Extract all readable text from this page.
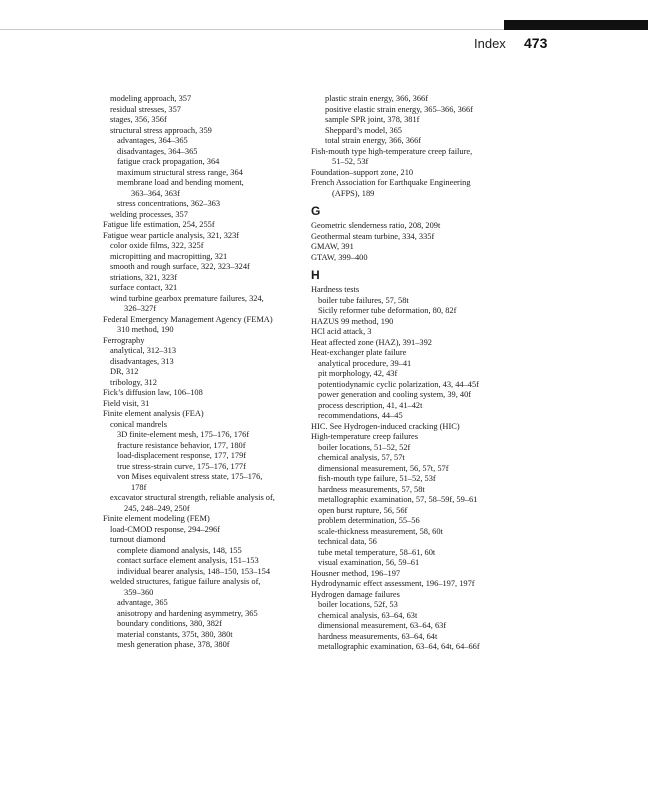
Index 473
modeling approach, 357
residual stresses, 357
stages, 356, 356f
structural stress approach, 359
advantages, 364–365
disadvantages, 364–365
fatigue crack propagation, 364
maximum structural stress range, 364
membrane load and bending moment,
363–364, 363f
stress concentrations, 362–363
welding processes, 357
Fatigue life estimation, 254, 255f
Fatigue wear particle analysis, 321, 323f
color oxide films, 322, 325f
micropitting and macropitting, 321
smooth and rough surface, 322, 323–324f
striations, 321, 323f
surface contact, 321
wind turbine gearbox premature failures, 324,
326–327f
Federal Emergency Management Agency (FEMA)
310 method, 190
Ferrography
analytical, 312–313
disadvantages, 313
DR, 312
tribology, 312
Fick’s diffusion law, 106–108
Field visit, 31
Finite element analysis (FEA)
conical mandrels
3D finite-element mesh, 175–176, 176f
fracture resistance behavior, 177, 180f
load-displacement response, 177, 179f
true stress-strain curve, 175–176, 177f
von Mises equivalent stress state, 175–176,
178f
excavator structural strength, reliable analysis of,
245, 248–249, 250f
Finite element modeling (FEM)
load-CMOD response, 294–296f
turnout diamond
complete diamond analysis, 148, 155
contact surface element analysis, 151–153
individual bearer analysis, 148–150, 153–154
welded structures, fatigue failure analysis of,
359–360
advantage, 365
anisotropy and hardening asymmetry, 365
boundary conditions, 380, 382f
material constants, 375t, 380, 380t
mesh generation phase, 378, 380f
plastic strain energy, 366, 366f
positive elastic strain energy, 365–366, 366f
sample SPR joint, 378, 381f
Sheppard’s model, 365
total strain energy, 366, 366f
Fish-mouth type high-temperature creep failure,
51–52, 53f
Foundation–support zone, 210
French Association for Earthquake Engineering
(AFPS), 189
G
Geometric slenderness ratio, 208, 209t
Geothermal steam turbine, 334, 335f
GMAW, 391
GTAW, 399–400
H
Hardness tests
boiler tube failures, 57, 58t
Sicily reformer tube deformation, 80, 82f
HAZUS 99 method, 190
HCl acid attack, 3
Heat affected zone (HAZ), 391–392
Heat-exchanger plate failure
analytical procedure, 39–41
pit morphology, 42, 43f
potentiodynamic cyclic polarization, 43, 44–45f
power generation and cooling system, 39, 40f
process description, 41, 41–42t
recommendations, 44–45
HIC. See Hydrogen-induced cracking (HIC)
High-temperature creep failures
boiler locations, 51–52, 52f
chemical analysis, 57, 57t
dimensional measurement, 56, 57t, 57f
fish-mouth type failure, 51–52, 53f
hardness measurements, 57, 58t
metallographic examination, 57, 58–59f, 59–61
open burst rupture, 56, 56f
problem determination, 55–56
scale-thickness measurement, 58, 60t
technical data, 56
tube metal temperature, 58–61, 60t
visual examination, 56, 59–61
Housner method, 196–197
Hydrodynamic effect assessment, 196–197, 197f
Hydrogen damage failures
boiler locations, 52f, 53
chemical analysis, 63–64, 63t
dimensional measurement, 63–64, 63f
hardness measurements, 63–64, 64t
metallographic examination, 63–64, 64t, 64–66f
